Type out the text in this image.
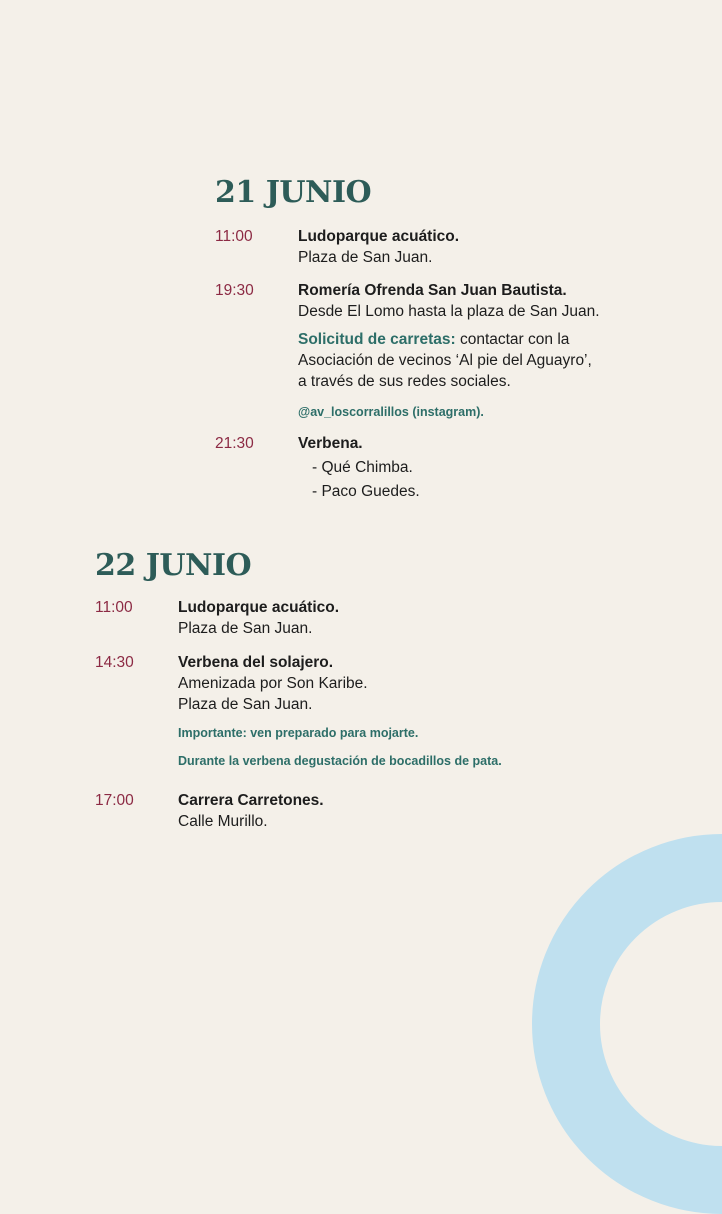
21 JUNIO
11:00	Ludoparque acuático.
Plaza de San Juan.
19:30	Romería Ofrenda San Juan Bautista.
Desde El Lomo hasta la plaza de San Juan.
Solicitud de carretas: contactar con la
Asociación de vecinos ‘Al pie del Aguayro’,
a través de sus redes sociales.
@av_loscorralillos (instagram).
21:30	Verbena.
- Qué Chimba.
- Paco Guedes.
22 JUNIO
11:00	Ludoparque acuático.
Plaza de San Juan.
14:30	Verbena del solajero.
Amenizada por Son Karibe.
Plaza de San Juan.
Importante: ven preparado para mojarte.
Durante la verbena degustación de bocadillos de pata.
17:00	Carrera Carretones.
Calle Murillo.
